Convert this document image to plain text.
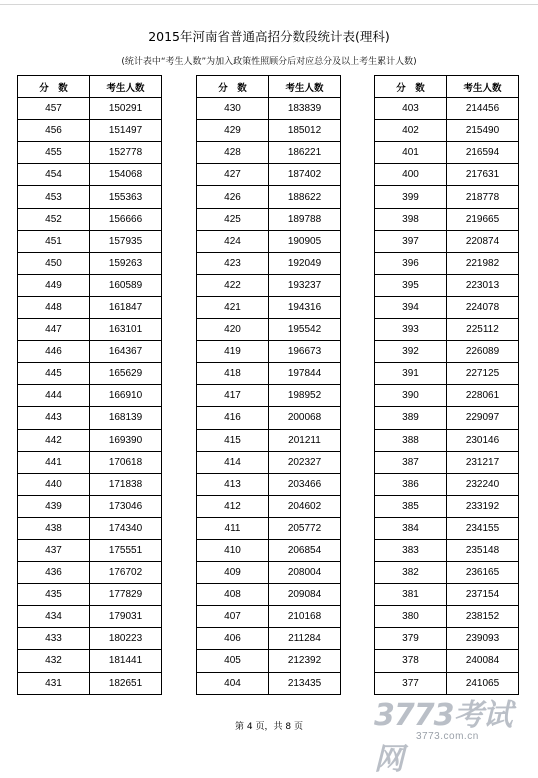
2015年河南省普通高招分数段统计表(理科)
(统计表中“考生人数”为加入政策性照顾分后对应总分及以上考生累计人数)
分　数	考生人数
457	150291
456	151497
455	152778
454	154068
453	155363
452	156666
451	157935
450	159263
449	160589
448	161847
447	163101
446	164367
445	165629
444	166910
443	168139
442	169390
441	170618
440	171838
439	173046
438	174340
437	175551
436	176702
435	177829
434	179031
433	180223
432	181441
431	182651
分　数	考生人数
430	183839
429	185012
428	186221
427	187402
426	188622
425	189788
424	190905
423	192049
422	193237
421	194316
420	195542
419	196673
418	197844
417	198952
416	200068
415	201211
414	202327
413	203466
412	204602
411	205772
410	206854
409	208004
408	209084
407	210168
406	211284
405	212392
404	213435
分　数	考生人数
403	214456
402	215490
401	216594
400	217631
399	218778
398	219665
397	220874
396	221982
395	223013
394	224078
393	225112
392	226089
391	227125
390	228061
389	229097
388	230146
387	231217
386	232240
385	233192
384	234155
383	235148
382	236165
381	237154
380	238152
379	239093
378	240084
377	241065
第 4 页，共 8 页	3773考试网
3773.com.cn
